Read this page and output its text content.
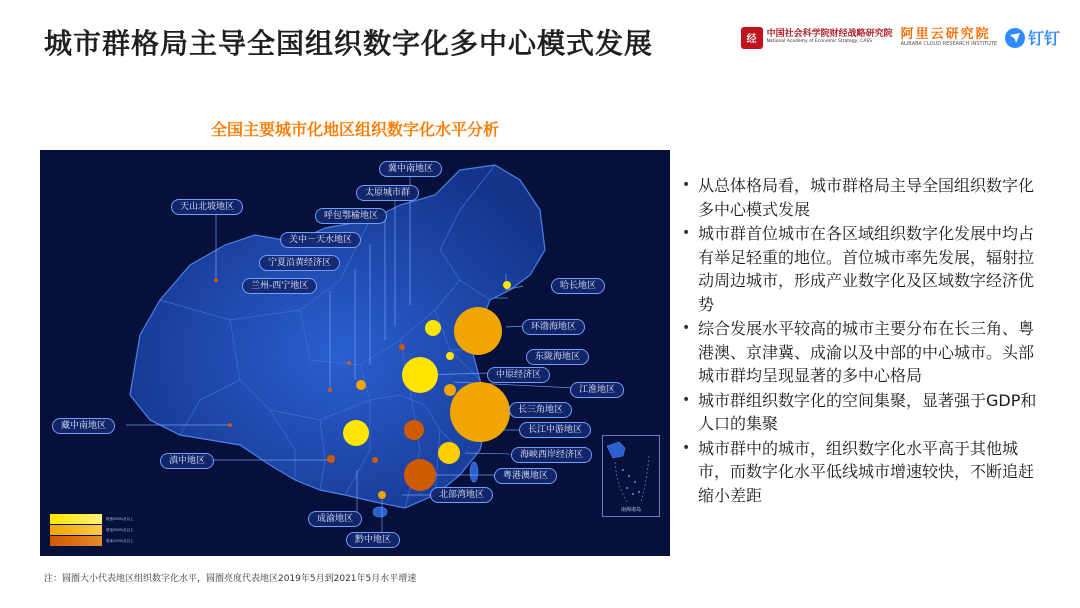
城市群格局主导全国组织数字化多中心模式发展	经	中国社会科学院财经战略研究院
National Academy of Economic Strategy, CASS	阿里云研究院
ALIBABA CLOUD RESEARCH INSTITUTE 钉钉
全国主要城市化地区组织数字化水平分析
冀中南地区
太原城市群
天山北坡地区
呼包鄂榆地区
关中－天水地区
宁夏沿黄经济区
兰州-西宁地区	哈长地区
环渤海地区
东陇海地区
中原经济区
江淮地区
长三角地区
藏中南地区	长江中游地区
海峡西岸经济区
滇中地区
粤港澳地区
北部湾地区
成渝地区
黔中地区
增速500%及以上
增速300%及以上
增速100%及以上
南海诸岛
• 从总体格局看，城市群格局主导全国组织数字化多中心模式发展
• 城市群首位城市在各区域组织数字化发展中均占有举足轻重的地位。首位城市率先发展，辐射拉动周边城市，形成产业数字化及区域数字经济优势
• 综合发展水平较高的城市主要分布在长三角、粤港澳、京津冀、成渝以及中部的中心城市。头部城市群均呈现显著的多中心格局
• 城市群组织数字化的空间集聚，显著强于GDP和人口的集聚
• 城市群中的城市，组织数字化水平高于其他城市，而数字化水平低线城市增速较快，不断追赶缩小差距
注：圆圈大小代表地区组织数字化水平，圆圈亮度代表地区2019年5月到2021年5月水平增速
